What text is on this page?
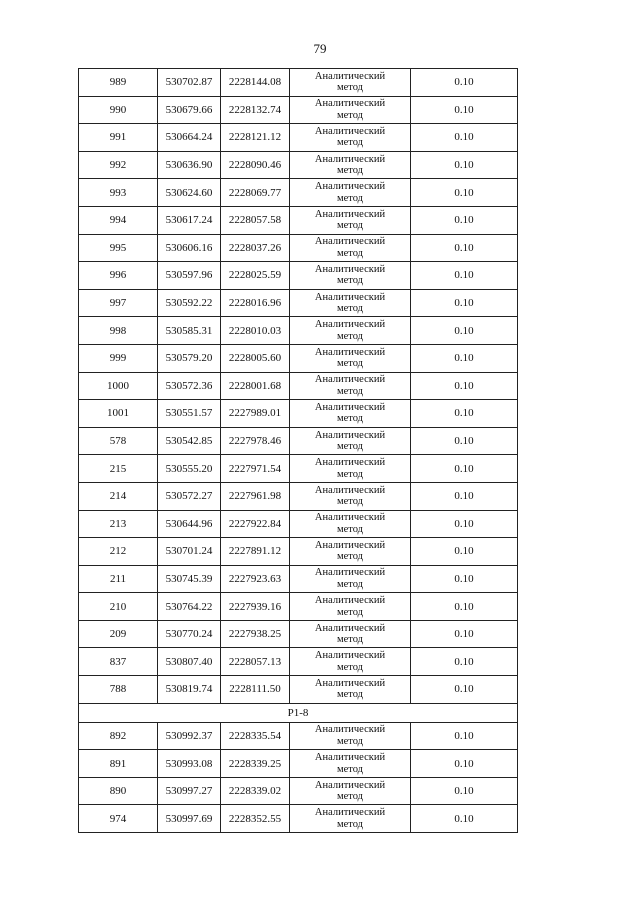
79
989	530702.87	2228144.08	Аналитический
метод	0.10
990	530679.66	2228132.74	Аналитический
метод	0.10
991	530664.24	2228121.12	Аналитический
метод	0.10
992	530636.90	2228090.46	Аналитический
метод	0.10
993	530624.60	2228069.77	Аналитический
метод	0.10
994	530617.24	2228057.58	Аналитический
метод	0.10
995	530606.16	2228037.26	Аналитический
метод	0.10
996	530597.96	2228025.59	Аналитический
метод	0.10
997	530592.22	2228016.96	Аналитический
метод	0.10
998	530585.31	2228010.03	Аналитический
метод	0.10
999	530579.20	2228005.60	Аналитический
метод	0.10
1000	530572.36	2228001.68	Аналитический
метод	0.10
1001	530551.57	2227989.01	Аналитический
метод	0.10
578	530542.85	2227978.46	Аналитический
метод	0.10
215	530555.20	2227971.54	Аналитический
метод	0.10
214	530572.27	2227961.98	Аналитический
метод	0.10
213	530644.96	2227922.84	Аналитический
метод	0.10
212	530701.24	2227891.12	Аналитический
метод	0.10
211	530745.39	2227923.63	Аналитический
метод	0.10
210	530764.22	2227939.16	Аналитический
метод	0.10
209	530770.24	2227938.25	Аналитический
метод	0.10
837	530807.40	2228057.13	Аналитический
метод	0.10
788	530819.74	2228111.50	Аналитический
метод	0.10
Р1-8				
892	530992.37	2228335.54	Аналитический
метод	0.10
891	530993.08	2228339.25	Аналитический
метод	0.10
890	530997.27	2228339.02	Аналитический
метод	0.10
974	530997.69	2228352.55	Аналитический
метод	0.10
